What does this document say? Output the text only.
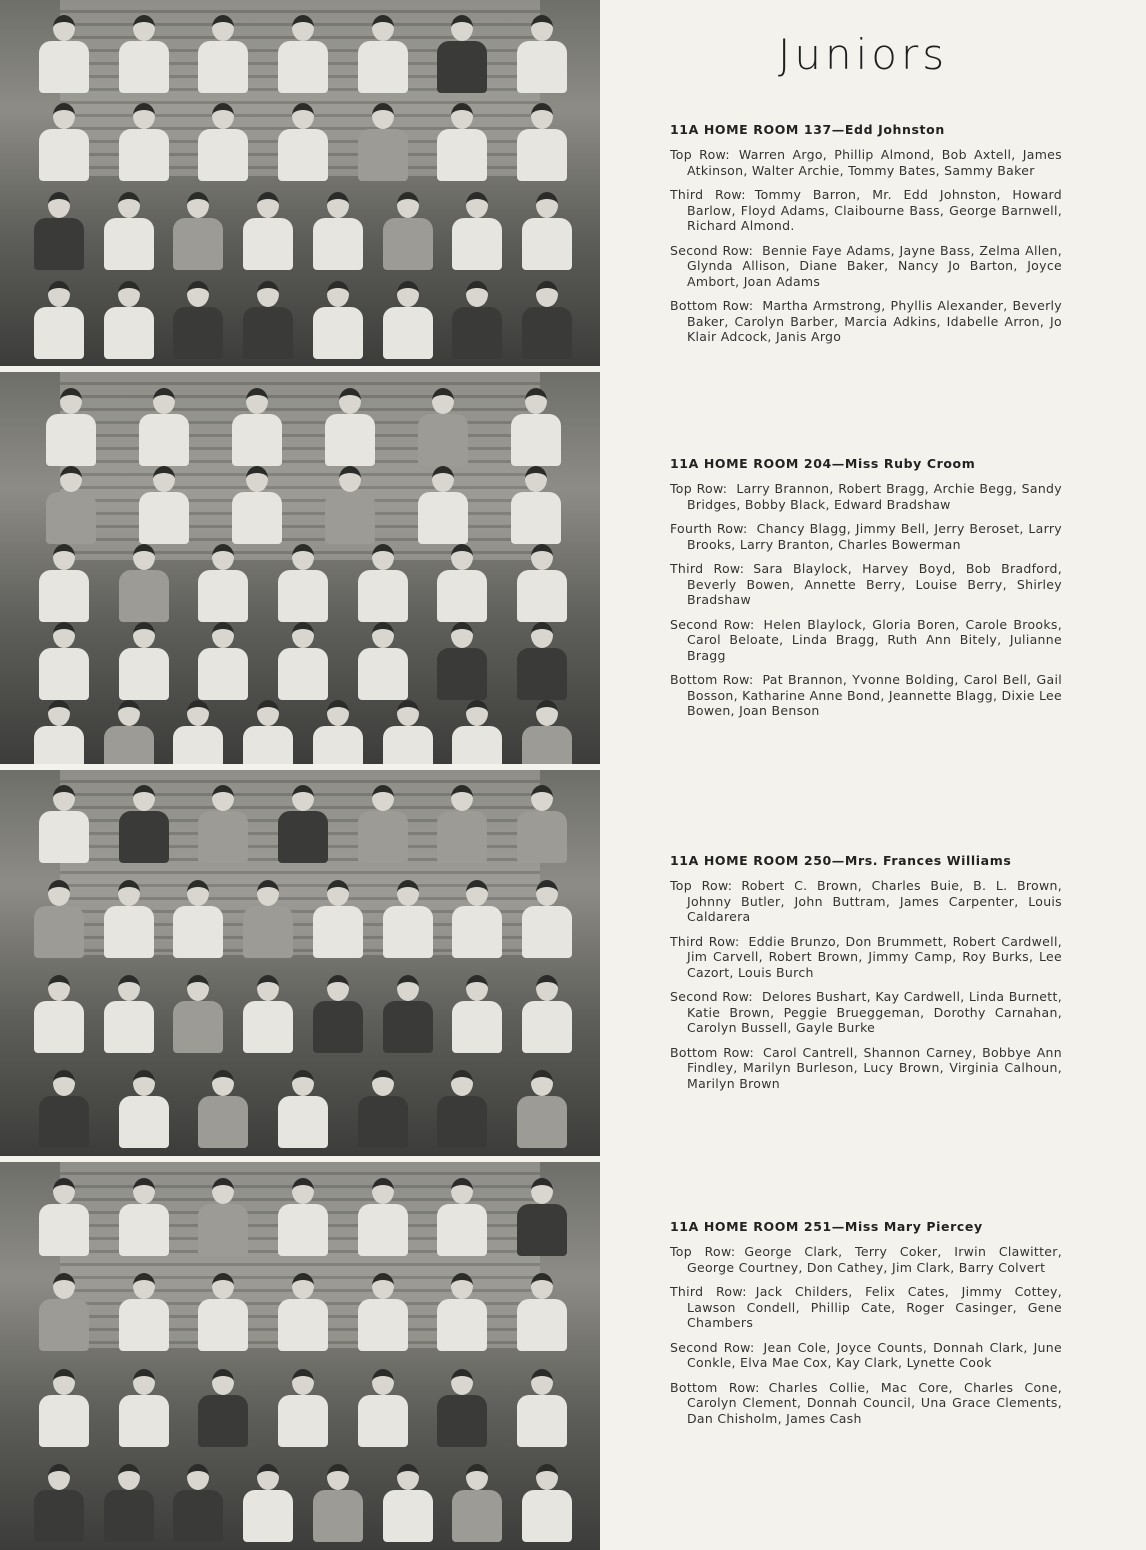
Juniors
11A HOME ROOM 137—Edd Johnston

Top Row: Warren Argo, Phillip Almond, Bob Axtell, James Atkinson, Walter Archie, Tommy Bates, Sammy Baker

Third Row: Tommy Barron, Mr. Edd Johnston, Howard Barlow, Floyd Adams, Claibourne Bass, George Barnwell, Richard Almond.

Second Row: Bennie Faye Adams, Jayne Bass, Zelma Allen, Glynda Allison, Diane Baker, Nancy Jo Barton, Joyce Ambort, Joan Adams

Bottom Row: Martha Armstrong, Phyllis Alexander, Beverly Baker, Carolyn Barber, Marcia Adkins, Idabelle Arron, Jo Klair Adcock, Janis Argo

11A HOME ROOM 204—Miss Ruby Croom

Top Row: Larry Brannon, Robert Bragg, Archie Begg, Sandy Bridges, Bobby Black, Edward Bradshaw

Fourth Row: Chancy Blagg, Jimmy Bell, Jerry Beroset, Larry Brooks, Larry Branton, Charles Bowerman

Third Row: Sara Blaylock, Harvey Boyd, Bob Bradford, Beverly Bowen, Annette Berry, Louise Berry, Shirley Bradshaw

Second Row: Helen Blaylock, Gloria Boren, Carole Brooks, Carol Beloate, Linda Bragg, Ruth Ann Bitely, Julianne Bragg

Bottom Row: Pat Brannon, Yvonne Bolding, Carol Bell, Gail Bosson, Katharine Anne Bond, Jeannette Blagg, Dixie Lee Bowen, Joan Benson

11A HOME ROOM 250—Mrs. Frances Williams

Top Row: Robert C. Brown, Charles Buie, B. L. Brown, Johnny Butler, John Buttram, James Carpenter, Louis Caldarera

Third Row: Eddie Brunzo, Don Brummett, Robert Cardwell, Jim Carvell, Robert Brown, Jimmy Camp, Roy Burks, Lee Cazort, Louis Burch

Second Row: Delores Bushart, Kay Cardwell, Linda Burnett, Katie Brown, Peggie Brueggeman, Dorothy Carnahan, Carolyn Bussell, Gayle Burke

Bottom Row: Carol Cantrell, Shannon Carney, Bobbye Ann Findley, Marilyn Burleson, Lucy Brown, Virginia Calhoun, Marilyn Brown

11A HOME ROOM 251—Miss Mary Piercey

Top Row: George Clark, Terry Coker, Irwin Clawitter, George Courtney, Don Cathey, Jim Clark, Barry Colvert

Third Row: Jack Childers, Felix Cates, Jimmy Cottey, Lawson Condell, Phillip Cate, Roger Casinger, Gene Chambers

Second Row: Jean Cole, Joyce Counts, Donnah Clark, June Conkle, Elva Mae Cox, Kay Clark, Lynette Cook

Bottom Row: Charles Collie, Mac Core, Charles Cone, Carolyn Clement, Donnah Council, Una Grace Clements, Dan Chisholm, James Cash
